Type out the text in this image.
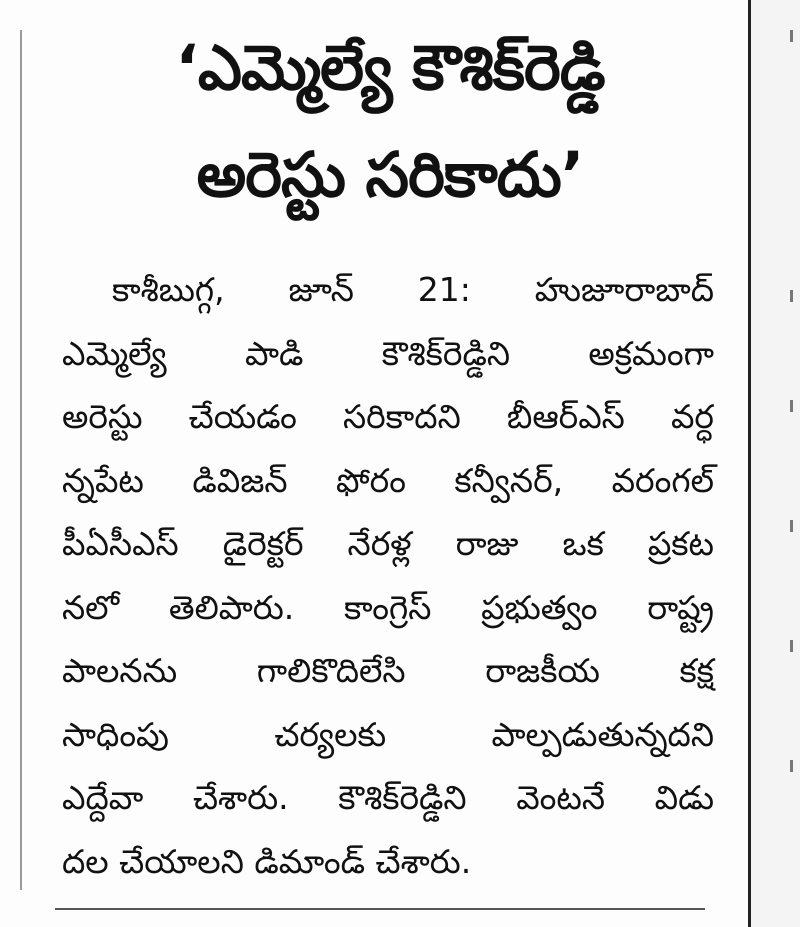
‘ఎమ్మెల్యే కౌశిక్‌రెడ్డి
అరెస్టు సరికాదు’
కాశీబుగ్గ, జూన్ 21: హుజూరాబాద్
ఎమ్మెల్యే పాడి కౌశిక్‌రెడ్డిని అక్రమంగా
అరెస్టు చేయడం సరికాదని బీఆర్ఎస్ వర్ధ
న్నపేట డివిజన్ ఫోరం కన్వీనర్, వరంగల్
పీఏసీఎస్ డైరెక్టర్ నేరళ్ల రాజు ఒక ప్రకట
నలో తెలిపారు. కాంగ్రెస్ ప్రభుత్వం రాష్ట్ర
పాలనను గాలికొదిలేసి రాజకీయ కక్ష
సాధింపు చర్యలకు పాల్పడుతున్నదని
ఎద్దేవా చేశారు. కౌశిక్‌రెడ్డిని వెంటనే విడు
దల చేయాలని డిమాండ్ చేశారు.
